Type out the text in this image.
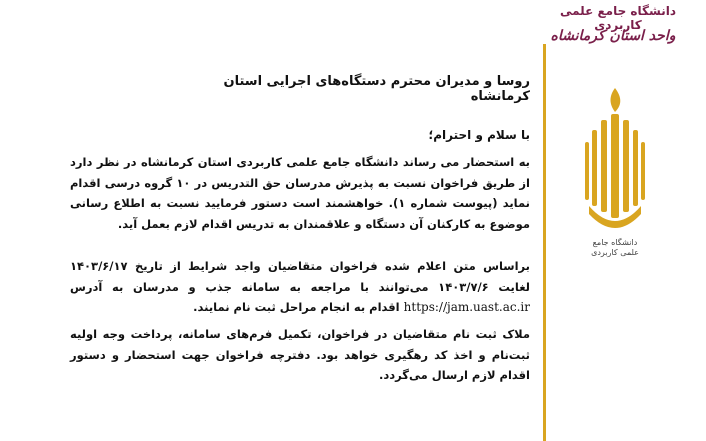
دانشگاه جامع علمی کاربردی
واحد استان کرمانشاه
دانشگاه جامع
علمی کاربردی
روسا و مدیران محترم دستگاه‌های اجرایی استان کرمانشاه
با سلام و احترام؛
به استحضار می رساند دانشگاه جامع علمی کاربردی استان کرمانشاه در نظر دارد از طریق فراخوان نسبت به پذیرش مدرسان حق التدریس در ۱۰ گروه درسی اقدام نماید (پیوست شماره ۱). خواهشمند است دستور فرمایید نسبت به اطلاع رسانی موضوع به کارکنان آن دستگاه و علاقمندان به تدریس اقدام لازم بعمل آید.
براساس متن اعلام شده فراخوان متقاضیان واجد شرایط از تاریخ ۱۴۰۳/۶/۱۷ لغایت ۱۴۰۳/۷/۶ می‌توانند با مراجعه به سامانه جذب و مدرسان به آدرس https://jam.uast.ac.ir اقدام به انجام مراحل ثبت نام نمایند.
ملاک ثبت نام متقاضیان در فراخوان، تکمیل فرم‌های سامانه، پرداخت وجه اولیه ثبت‌نام و اخذ کد رهگیری خواهد بود. دفترچه فراخوان جهت استحضار و دستور اقدام لازم ارسال می‌گردد.
